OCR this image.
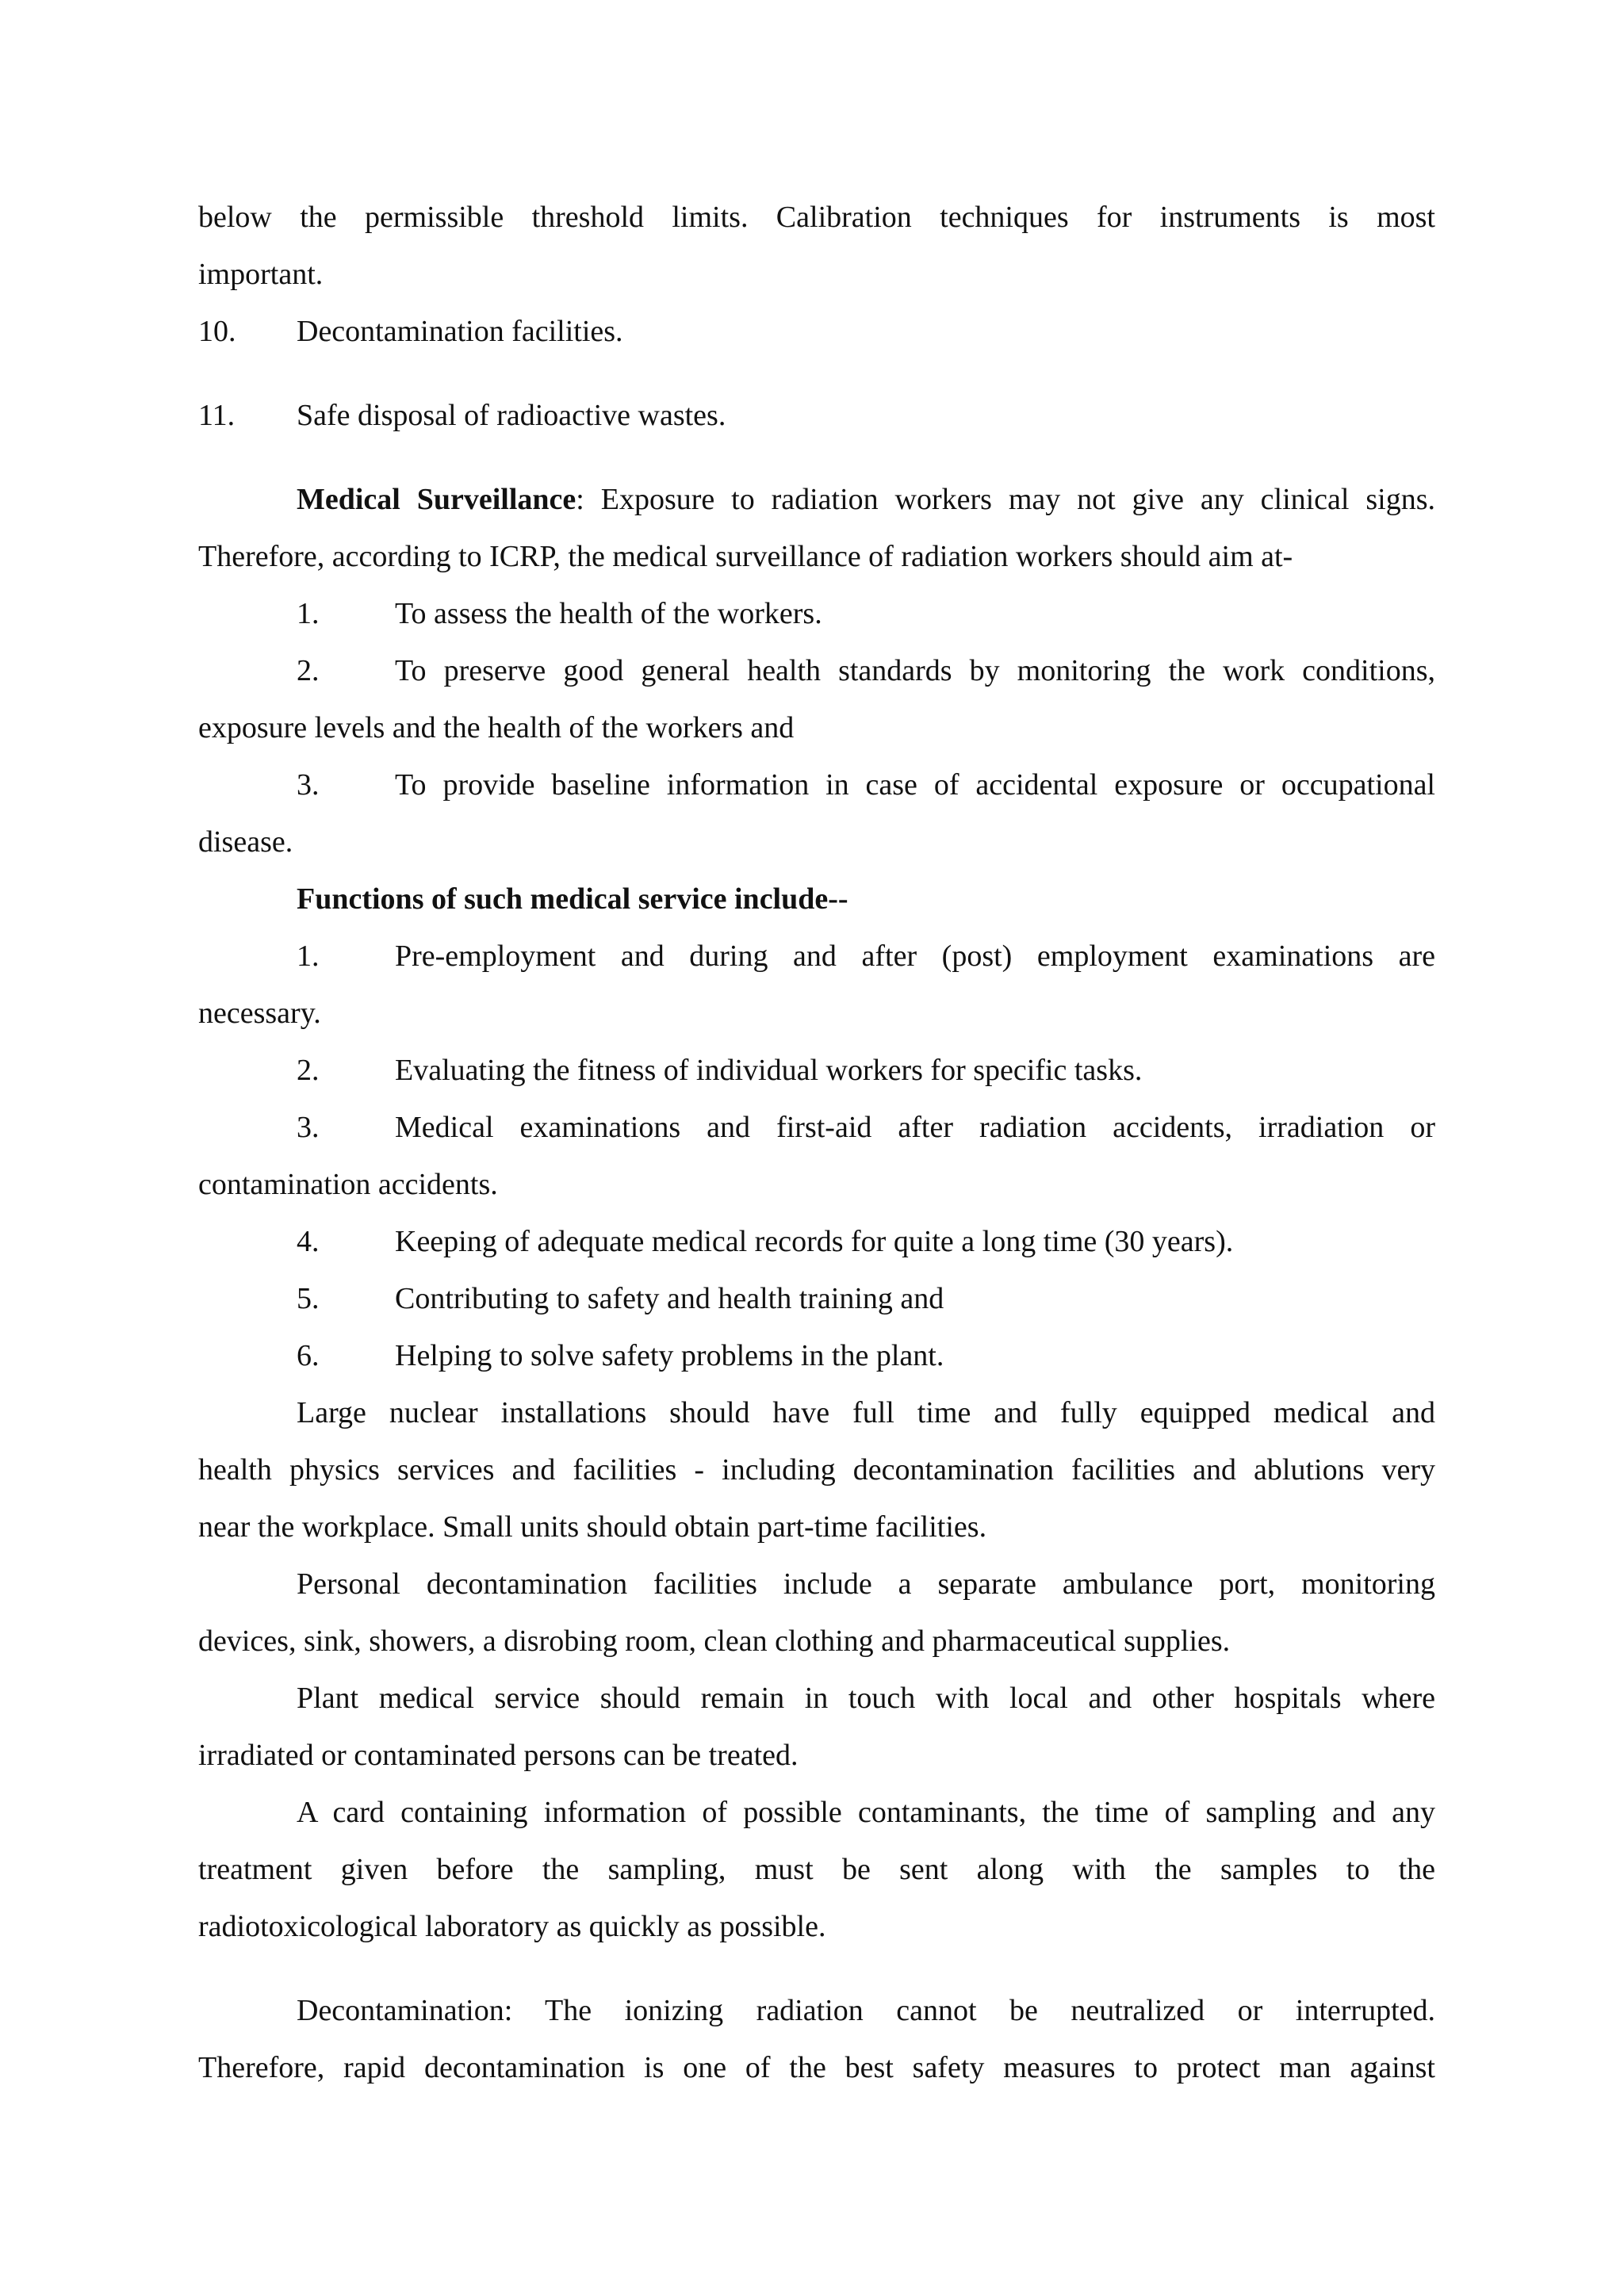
below the permissible threshold limits. Calibration techniques for instruments is most
important.
10. Decontamination facilities.
11. Safe disposal of radioactive wastes.
Medical Surveillance: Exposure to radiation workers may not give any clinical signs.
Therefore, according to ICRP, the medical surveillance of radiation workers should aim at-
1.	To assess the health of the workers.
2.	To preserve good general health standards by monitoring the work conditions,
exposure levels and the health of the workers and
3.	To provide baseline information in case of accidental exposure or occupational
disease.
Functions of such medical service include--
1.	Pre-employment and during and after (post) employment examinations are
necessary.
2.	Evaluating the fitness of individual workers for specific tasks.
3.	Medical examinations and first-aid after radiation accidents, irradiation or
contamination accidents.
4.	Keeping of adequate medical records for quite a long time (30 years).
5.	Contributing to safety and health training and
6.	Helping to solve safety problems in the plant.
Large nuclear installations should have full time and fully equipped medical and
health physics services and facilities - including decontamination facilities and ablutions very
near the workplace. Small units should obtain part-time facilities.
Personal decontamination facilities include a separate ambulance port, monitoring
devices, sink, showers, a disrobing room, clean clothing and pharmaceutical supplies.
Plant medical service should remain in touch with local and other hospitals where
irradiated or contaminated persons can be treated.
A card containing information of possible contaminants, the time of sampling and any
treatment given before the sampling, must be sent along with the samples to the
radiotoxicological laboratory as quickly as possible.
Decontamination: The ionizing radiation cannot be neutralized or interrupted.
Therefore, rapid decontamination is one of the best safety measures to protect man against
